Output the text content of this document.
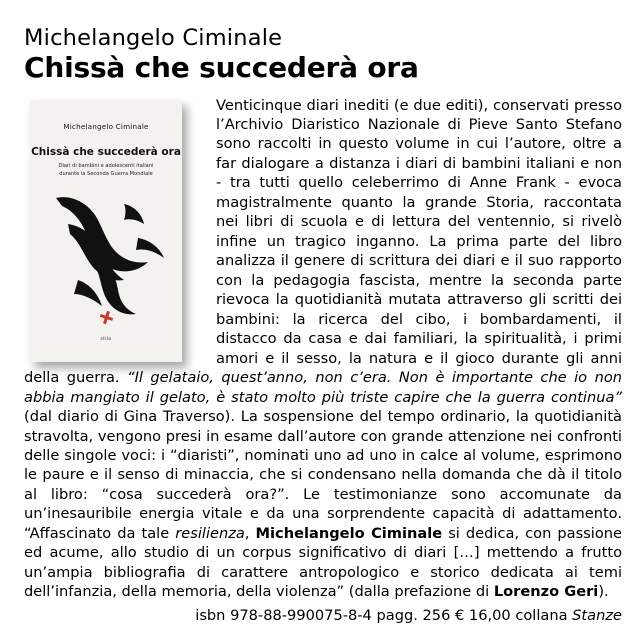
Michelangelo Ciminale
Chissà che succederà ora
Michelangelo Ciminale
Chissà che succederà ora
Diari di bambini e adolescenti italiani
durante la Seconda Guerra Mondiale
stilo
Venticinque diari inediti (e due editi), conservati presso l’Archivio Diaristico Nazionale di Pieve Santo Stefano sono raccolti in questo volume in cui l’autore, oltre a far dialogare a distanza i diari di bambini italiani e non - tra tutti quello celeberrimo di Anne Frank - evoca magistralmente quanto la grande Storia, raccontata nei libri di scuola e di lettura del ventennio, si rivelò infine un tragico inganno. La prima parte del libro analizza il genere di scrittura dei diari e il suo rapporto con la pedagogia fascista, mentre la seconda parte rievoca la quotidianità mutata attraverso gli scritti dei bambini: la ricerca del cibo, i bombardamenti, il distacco da casa e dai familiari, la spiritualità, i primi amori e il sesso, la natura e il gioco durante gli anni della guerra. “Il gelataio, quest’anno, non c’era. Non è importante che io non abbia mangiato il gelato, è stato molto più triste capire che la guerra continua” (dal diario di Gina Traverso). La sospensione del tempo ordinario, la quotidianità stravolta, vengono presi in esame dall’autore con grande attenzione nei confronti delle singole voci: i “diaristi”, nominati uno ad uno in calce al volume, esprimono le paure e il senso di minaccia, che si condensano nella domanda che dà il titolo al libro: “cosa succederà ora?”. Le testimonianze sono accomunate da un’inesauribile energia vitale e da una sorprendente capacità di adattamento. “Affascinato da tale resilienza, Michelangelo Ciminale si dedica, con passione ed acume, allo studio di un corpus significativo di diari […] mettendo a frutto un’ampia bibliografia di carattere antropologico e storico dedicata ai temi dell’infanzia, della memoria, della violenza” (dalla prefazione di Lorenzo Geri).
isbn 978-88-990075-8-4 pagg. 256 € 16,00 collana Stanze
